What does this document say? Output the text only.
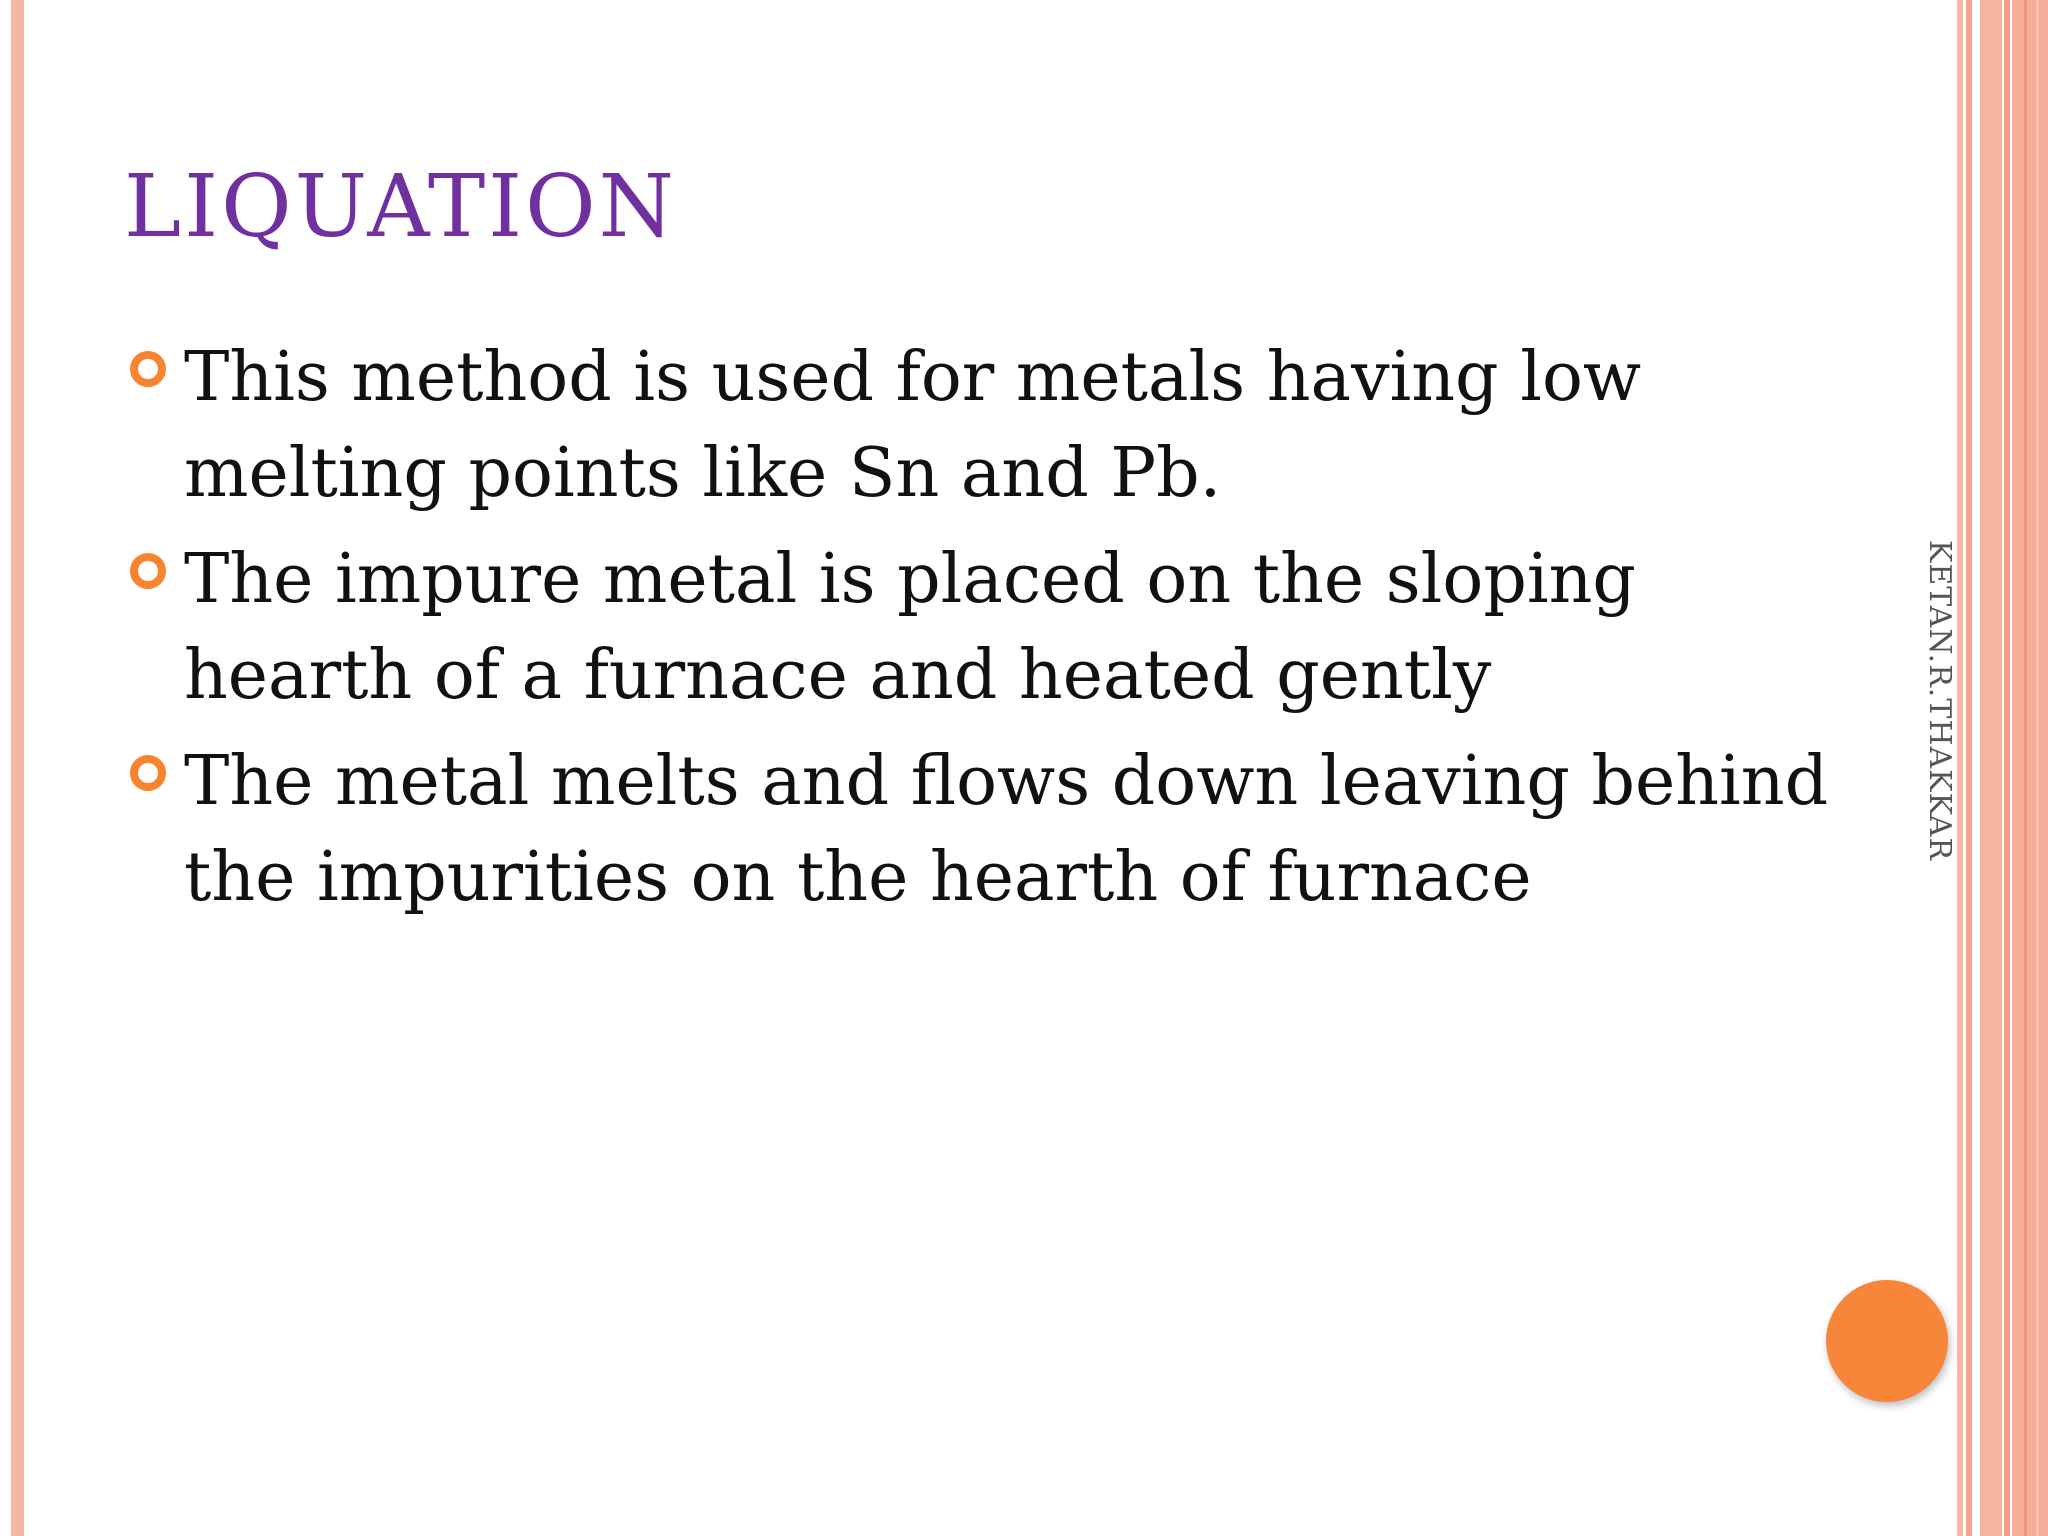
LIQUATION
This method is used for metals having low melting points like Sn and Pb.
The impure metal is placed on the sloping hearth of a furnace and heated gently
The metal melts and flows down leaving behind the impurities on the hearth of furnace
KETAN.R.THAKKAR
